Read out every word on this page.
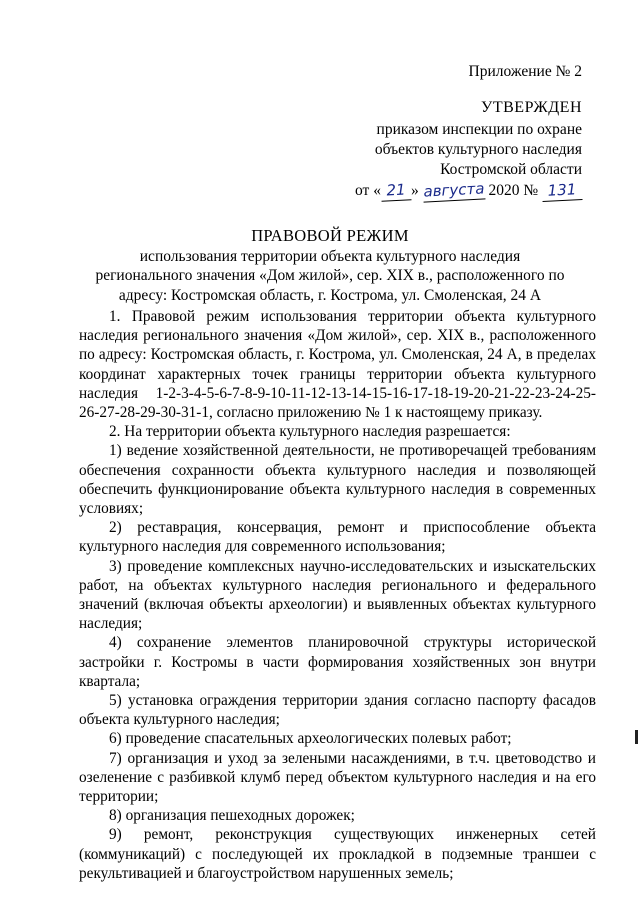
Приложение № 2
УТВЕРЖДЕН
приказом инспекции по охране
объектов культурного наследия
Костромской области
от « 21 » августа 2020 № 131
ПРАВОВОЙ РЕЖИМ
использования территории объекта культурного наследия
регионального значения «Дом жилой», сер. XIX в., расположенного по
адресу: Костромская область, г. Кострома, ул. Смоленская, 24 А

1. Правовой режим использования территории объекта культурного наследия регионального значения «Дом жилой», сер. XIX в., расположенного по адресу: Костромская область, г. Кострома, ул. Смоленская, 24 А, в пределах координат характерных точек границы территории объекта культурного наследия 1-2-3-4-5-6-7-8-9-10-11-12-13-14-15-16-17-18-19-20-21-22-23-24-25-26-27-28-29-30-31-1, согласно приложению № 1 к настоящему приказу.

2. На территории объекта культурного наследия разрешается:

1) ведение хозяйственной деятельности, не противоречащей требованиям обеспечения сохранности объекта культурного наследия и позволяющей обеспечить функционирование объекта культурного наследия в современных условиях;

2) реставрация, консервация, ремонт и приспособление объекта культурного наследия для современного использования;

3) проведение комплексных научно-исследовательских и изыскательских работ, на объектах культурного наследия регионального и федерального значений (включая объекты археологии) и выявленных объектах культурного наследия;

4) сохранение элементов планировочной структуры исторической застройки г. Костромы в части формирования хозяйственных зон внутри квартала;

5) установка ограждения территории здания согласно паспорту фасадов объекта культурного наследия;

6) проведение спасательных археологических полевых работ;

7) организация и уход за зелеными насаждениями, в т.ч. цветоводство и озеленение с разбивкой клумб перед объектом культурного наследия и на его территории;

8) организация пешеходных дорожек;

9) ремонт, реконструкция существующих инженерных сетей (коммуникаций) с последующей их прокладкой в подземные траншеи с рекультивацией и благоустройством нарушенных земель;
